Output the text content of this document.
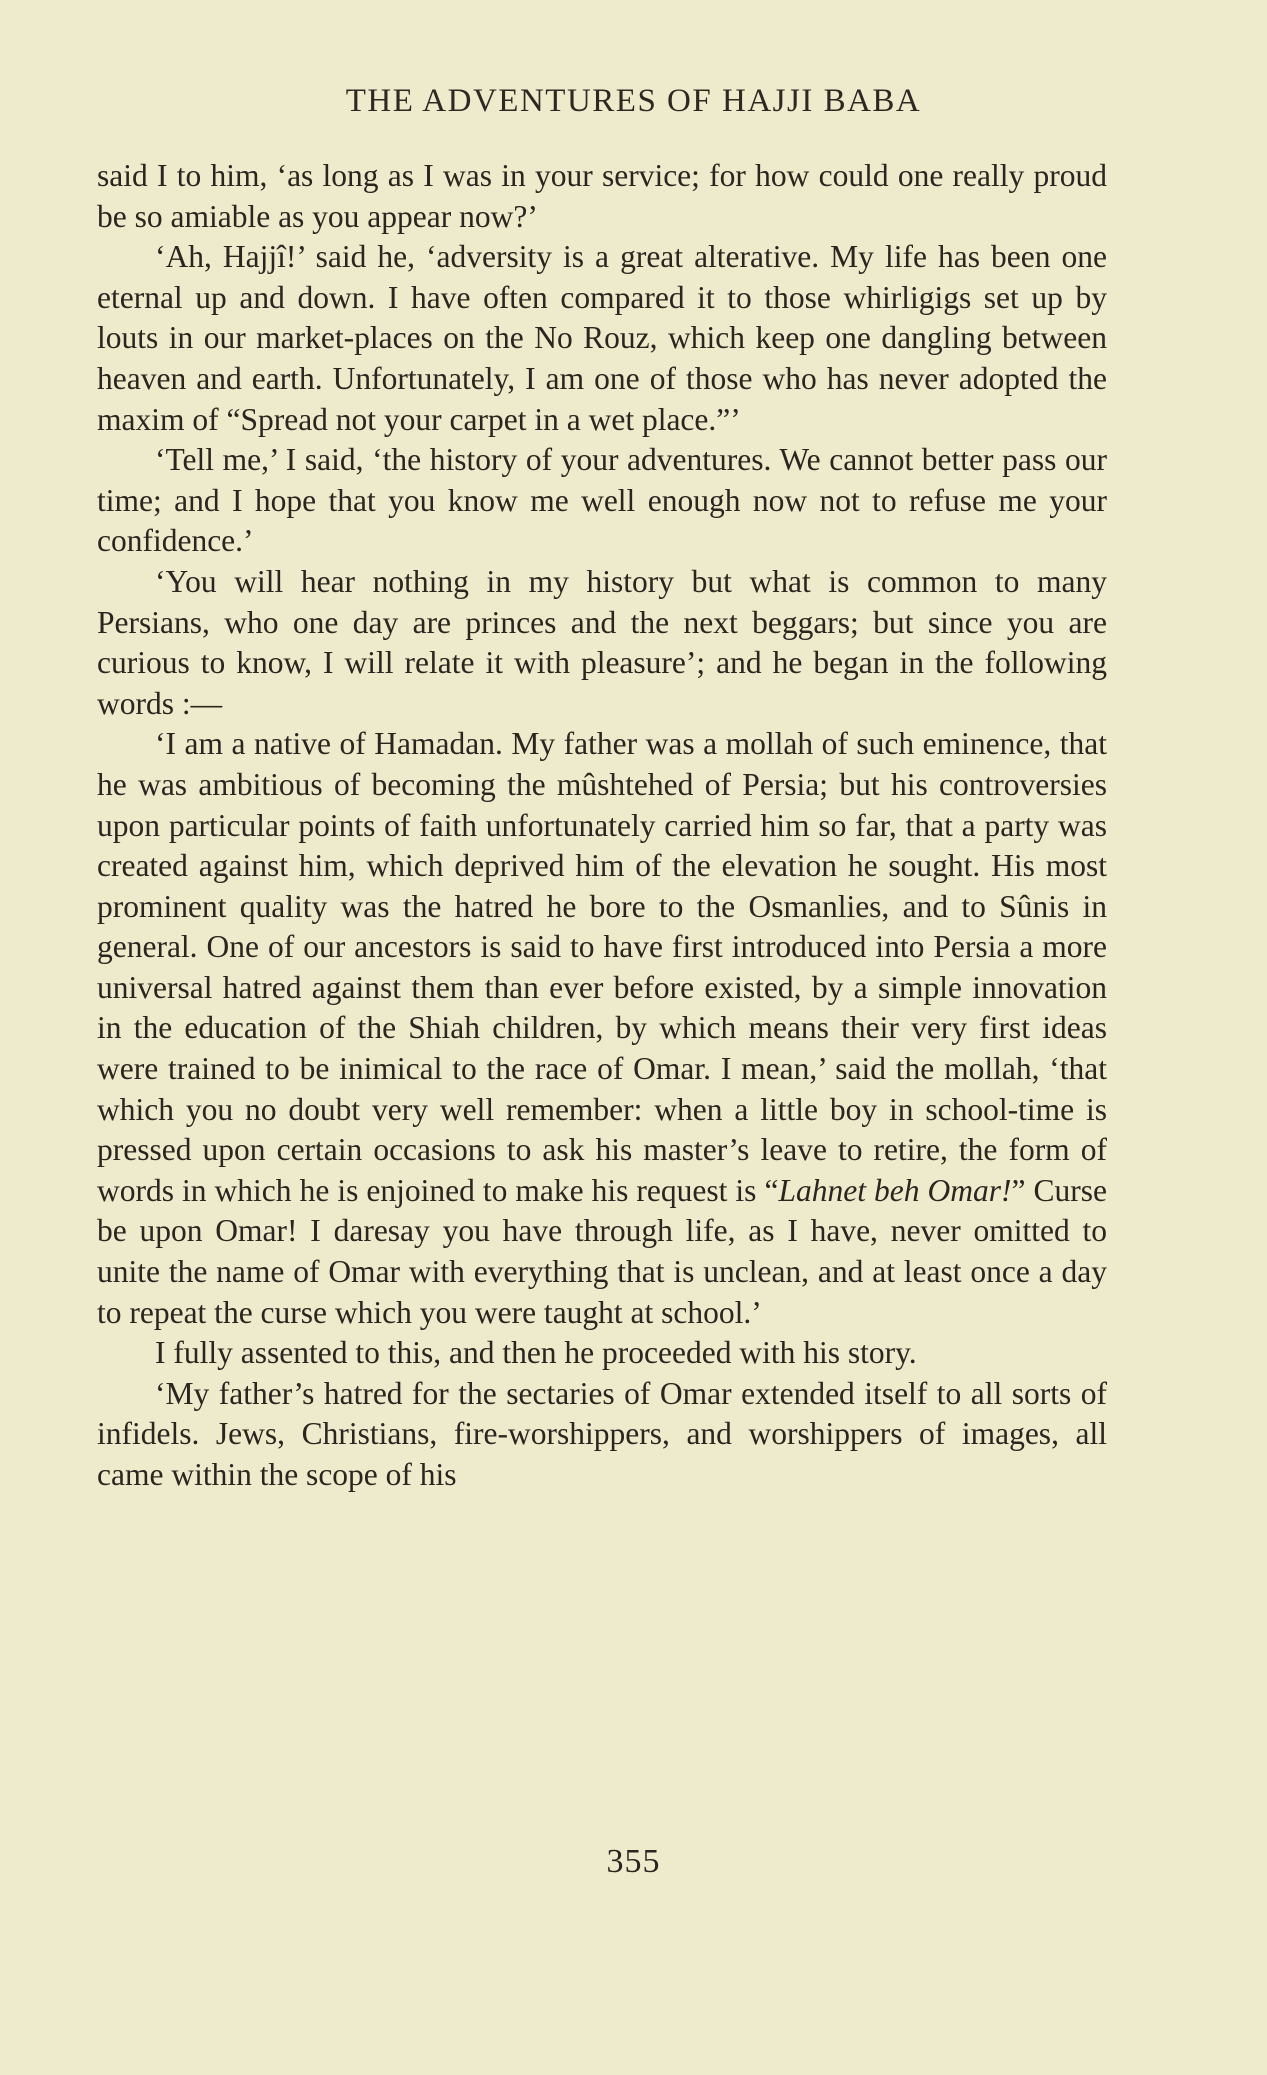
THE ADVENTURES OF HAJJI BABA

said I to him, ‘as long as I was in your service; for how could one really proud be so amiable as you appear now?’

‘Ah, Hajjî!’ said he, ‘adversity is a great alterative. My life has been one eternal up and down. I have often compared it to those whirligigs set up by louts in our market-places on the No Rouz, which keep one dangling between heaven and earth. Unfortunately, I am one of those who has never adopted the maxim of “Spread not your carpet in a wet place.”’

‘Tell me,’ I said, ‘the history of your adventures. We cannot better pass our time; and I hope that you know me well enough now not to refuse me your confidence.’

‘You will hear nothing in my history but what is common to many Persians, who one day are princes and the next beggars; but since you are curious to know, I will relate it with pleasure’; and he began in the following words :—

‘I am a native of Hamadan. My father was a mollah of such eminence, that he was ambitious of becoming the mûshtehed of Persia; but his controversies upon particular points of faith unfortunately carried him so far, that a party was created against him, which deprived him of the elevation he sought. His most prominent quality was the hatred he bore to the Osmanlies, and to Sûnis in general. One of our ancestors is said to have first introduced into Persia a more universal hatred against them than ever before existed, by a simple innovation in the education of the Shiah children, by which means their very first ideas were trained to be inimical to the race of Omar. I mean,’ said the mollah, ‘that which you no doubt very well remember: when a little boy in school-time is pressed upon certain occasions to ask his master’s leave to retire, the form of words in which he is enjoined to make his request is “Lahnet beh Omar!” Curse be upon Omar! I daresay you have through life, as I have, never omitted to unite the name of Omar with everything that is unclean, and at least once a day to repeat the curse which you were taught at school.’

I fully assented to this, and then he proceeded with his story.

‘My father’s hatred for the sectaries of Omar extended itself to all sorts of infidels. Jews, Christians, fire-worshippers, and worshippers of images, all came within the scope of his

355
